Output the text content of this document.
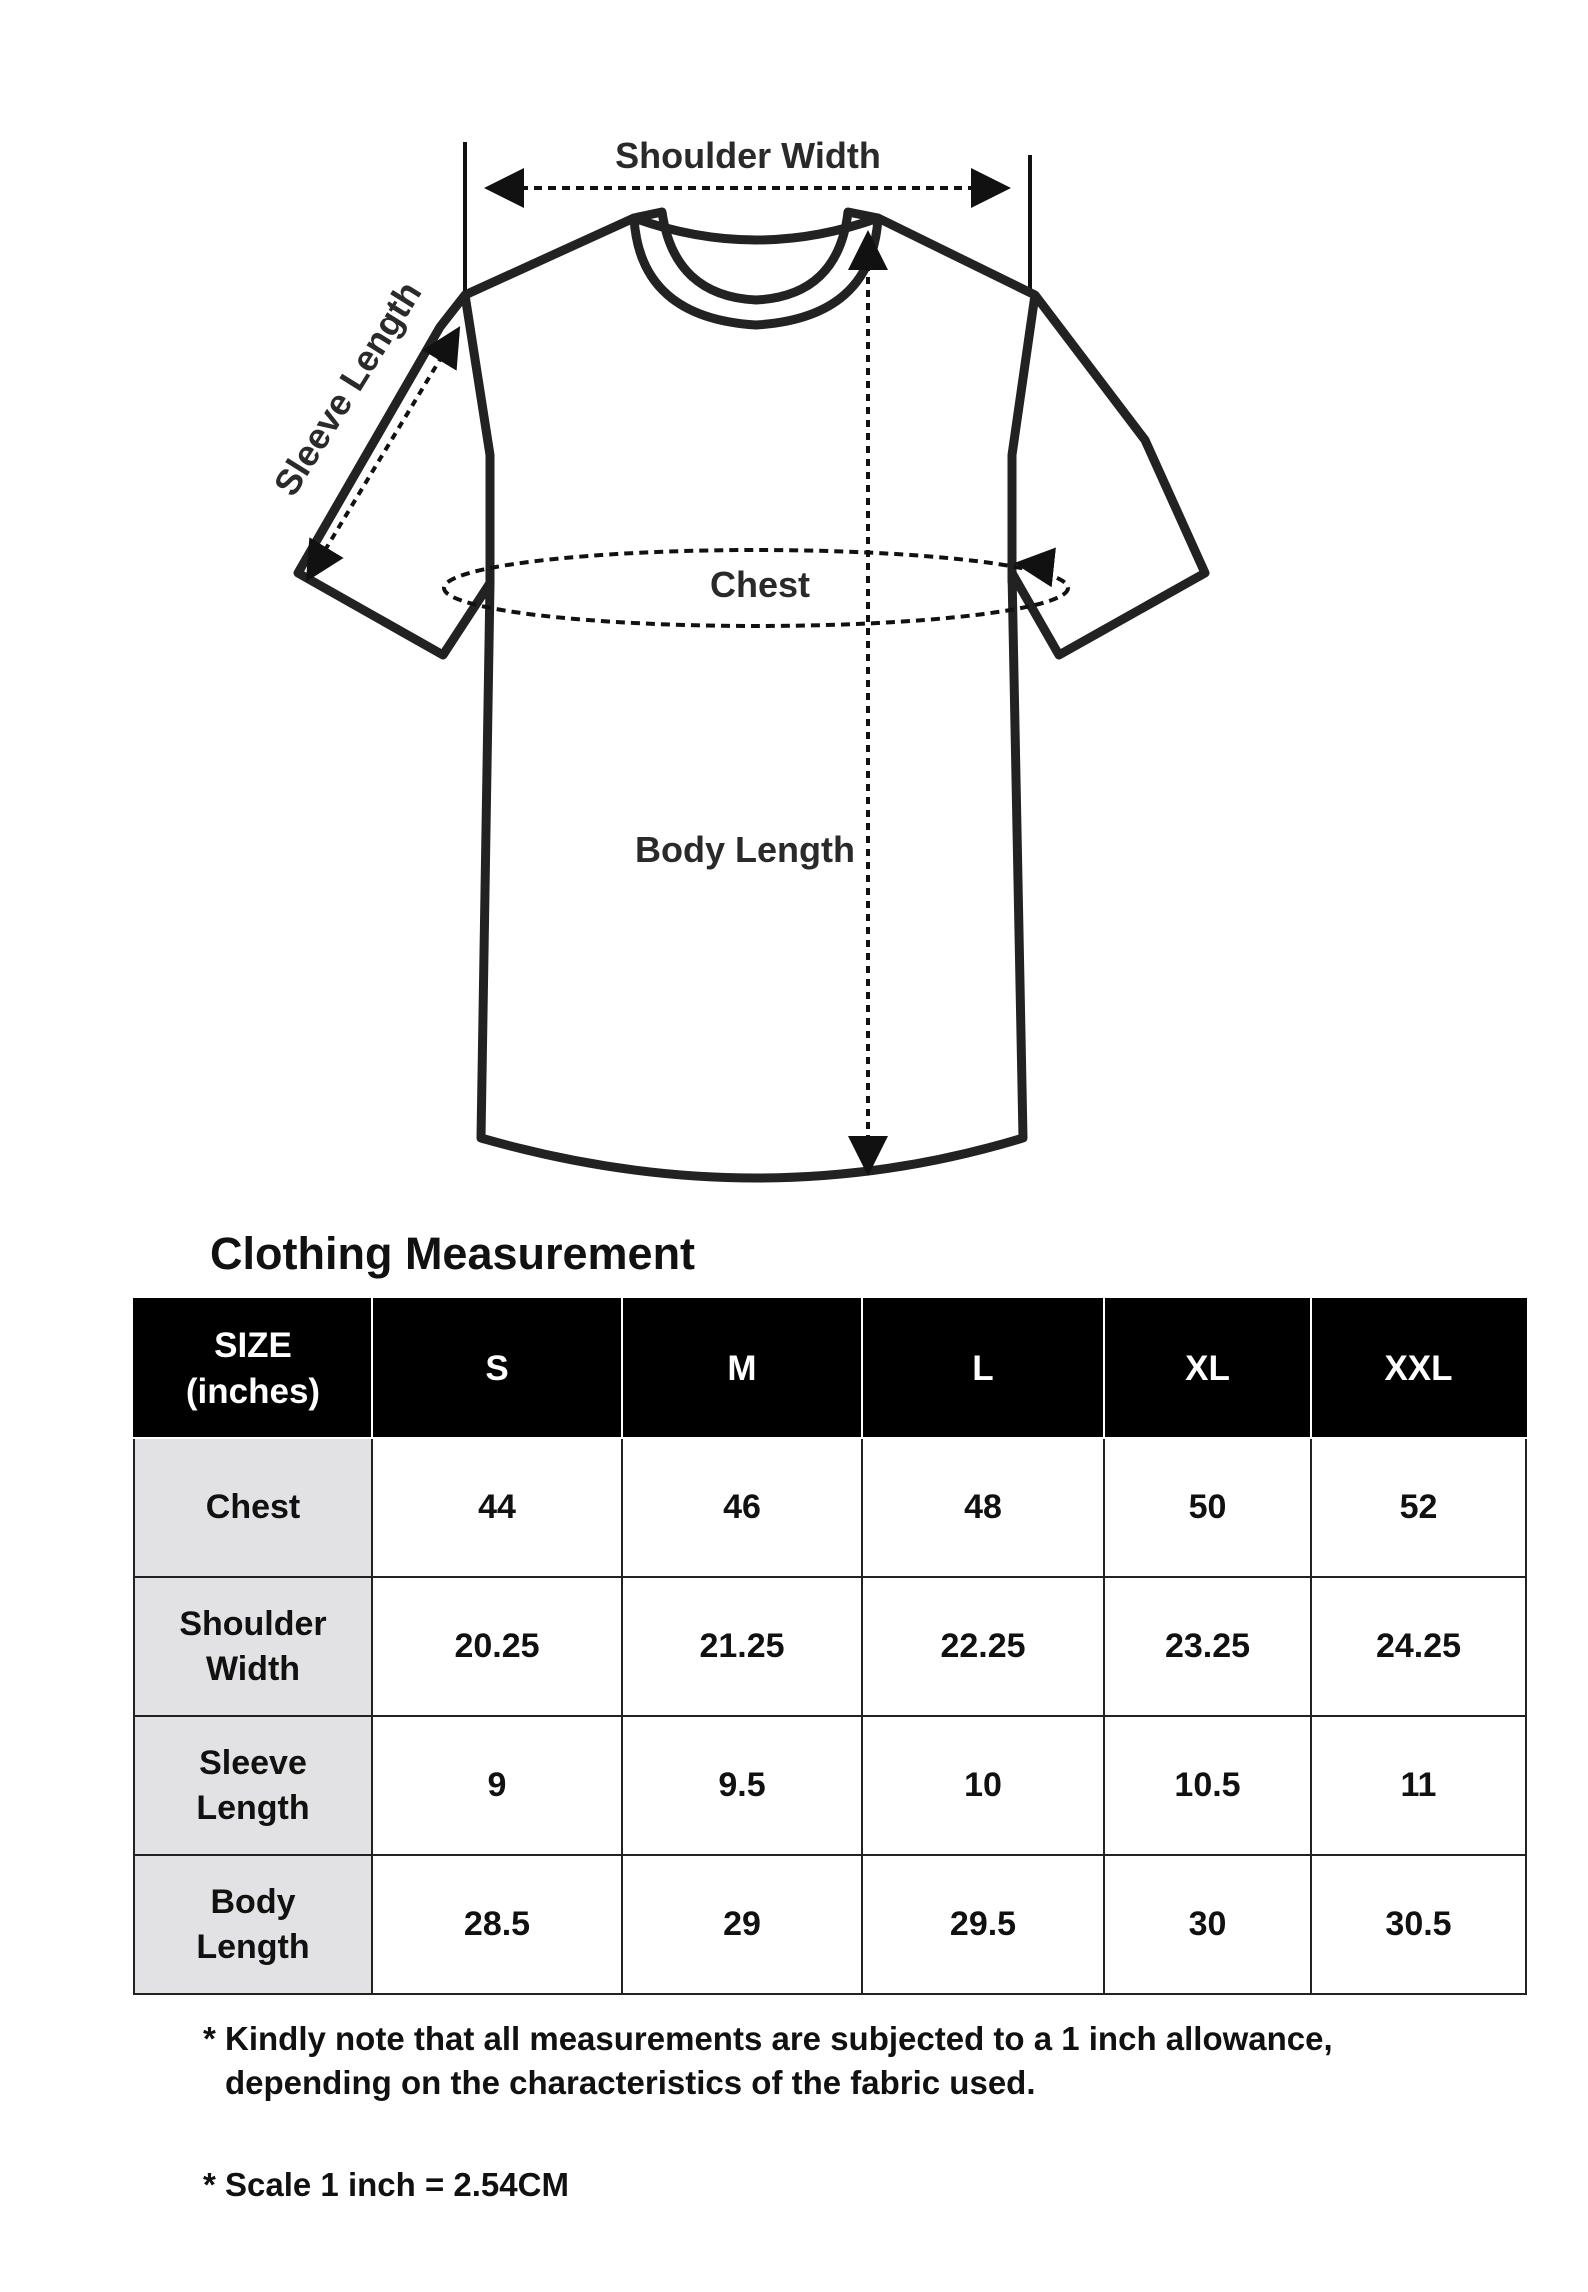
Shoulder Width
Sleeve Length
Chest
Body Length
Clothing Measurement
SIZE
(inches)	S	M	L	XL	XXL

Chest	44	46	48	50	52

Shoulder
Width	20.25	21.25	22.25	23.25	24.25

Sleeve
Length	9	9.5	10	10.5	11

Body
Length	28.5	29	29.5	30	30.5

* Kindly note that all measurements are subjected to a 1 inch allowance,

depending on the characteristics of the fabric used.

* Scale 1 inch = 2.54CM
